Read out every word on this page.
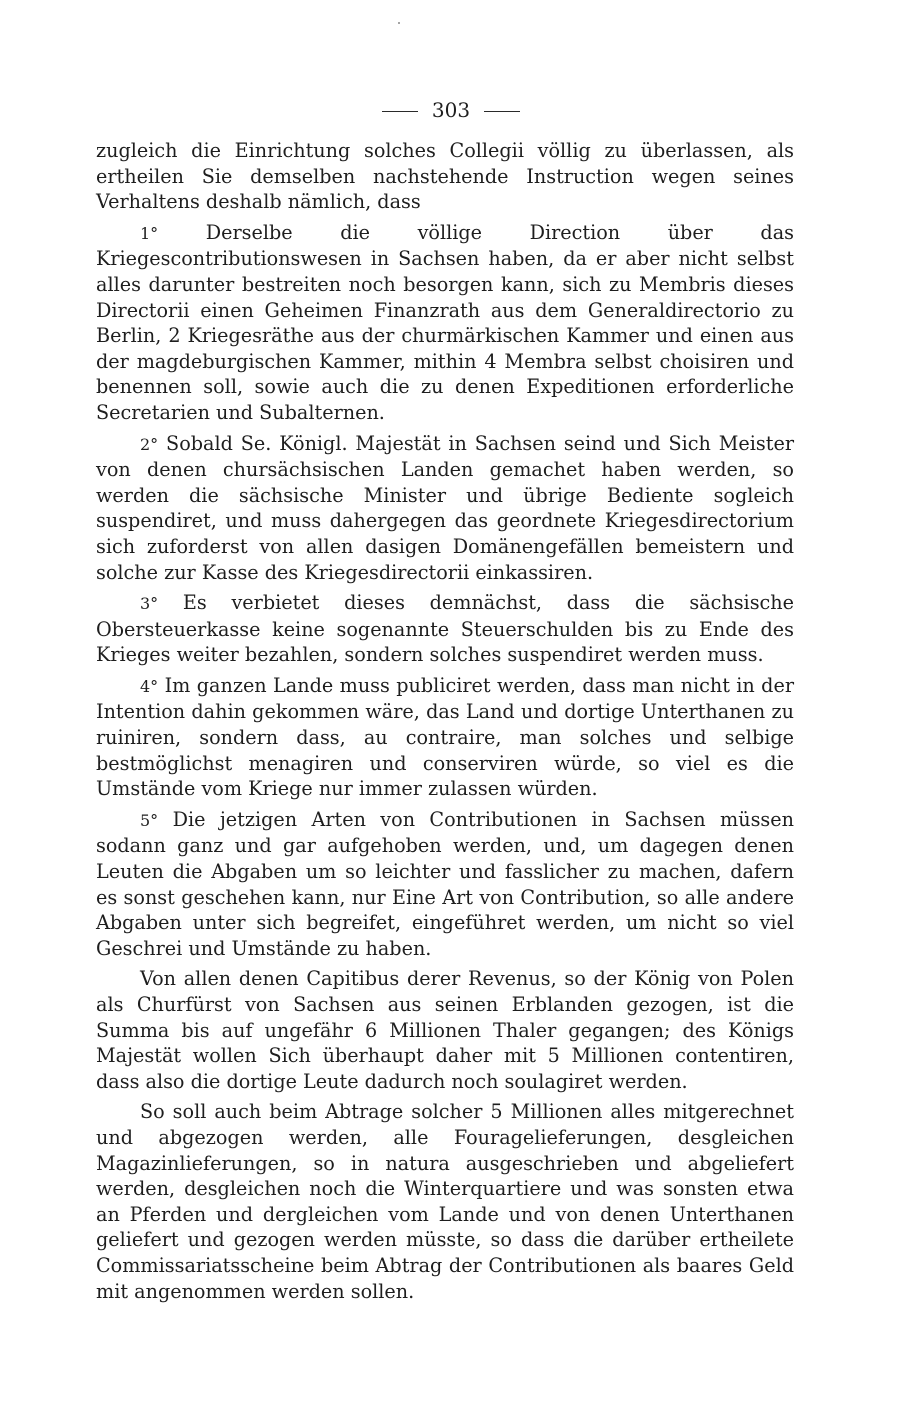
303

zugleich die Einrichtung solches Collegii völlig zu überlassen, als ertheilen Sie demselben nachstehende Instruction wegen seines Verhaltens deshalb nämlich, dass

1° Derselbe die völlige Direction über das Kriegescontributionswesen in Sachsen haben, da er aber nicht selbst alles darunter bestreiten noch besorgen kann, sich zu Membris dieses Directorii einen Geheimen Finanzrath aus dem Generaldirectorio zu Berlin, 2 Kriegesräthe aus der churmärkischen Kammer und einen aus der magdeburgischen Kammer, mithin 4 Membra selbst choisiren und benennen soll, sowie auch die zu denen Expeditionen erforderliche Secretarien und Subalternen.

2° Sobald Se. Königl. Majestät in Sachsen seind und Sich Meister von denen chursächsischen Landen gemachet haben werden, so werden die sächsische Minister und übrige Bediente sogleich suspendiret, und muss dahergegen das geordnete Kriegesdirectorium sich zuforderst von allen dasigen Domänengefällen bemeistern und solche zur Kasse des Kriegesdirectorii einkassiren.

3° Es verbietet dieses demnächst, dass die sächsische Obersteuerkasse keine sogenannte Steuerschulden bis zu Ende des Krieges weiter bezahlen, sondern solches suspendiret werden muss.

4° Im ganzen Lande muss publiciret werden, dass man nicht in der Intention dahin gekommen wäre, das Land und dortige Unterthanen zu ruiniren, sondern dass, au contraire, man solches und selbige bestmöglichst menagiren und conserviren würde, so viel es die Umstände vom Kriege nur immer zulassen würden.

5° Die jetzigen Arten von Contributionen in Sachsen müssen sodann ganz und gar aufgehoben werden, und, um dagegen denen Leuten die Abgaben um so leichter und fasslicher zu machen, dafern es sonst geschehen kann, nur Eine Art von Contribution, so alle andere Abgaben unter sich begreifet, eingeführet werden, um nicht so viel Geschrei und Umstände zu haben.

Von allen denen Capitibus derer Revenus, so der König von Polen als Churfürst von Sachsen aus seinen Erblanden gezogen, ist die Summa bis auf ungefähr 6 Millionen Thaler gegangen; des Königs Majestät wollen Sich überhaupt daher mit 5 Millionen contentiren, dass also die dortige Leute dadurch noch soulagiret werden.

So soll auch beim Abtrage solcher 5 Millionen alles mitgerechnet und abgezogen werden, alle Fouragelieferungen, desgleichen Magazinlieferungen, so in natura ausgeschrieben und abgeliefert werden, desgleichen noch die Winterquartiere und was sonsten etwa an Pferden und dergleichen vom Lande und von denen Unterthanen geliefert und gezogen werden müsste, so dass die darüber ertheilete Commissariatsscheine beim Abtrag der Contributionen als baares Geld mit angenommen werden sollen.
